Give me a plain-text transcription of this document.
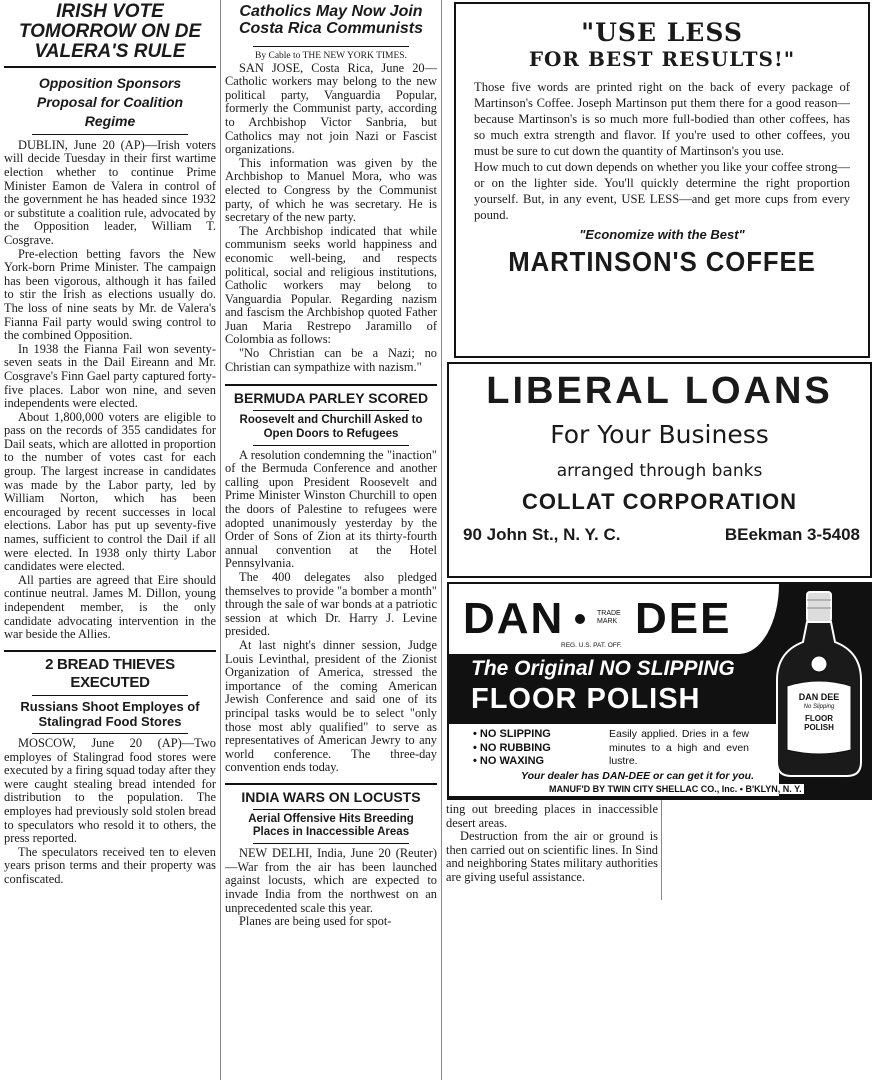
IRISH VOTE TOMORROW ON DE VALERA'S RULE
Opposition Sponsors Proposal for Coalition Regime

DUBLIN, June 20 (AP)—Irish voters will decide Tuesday in their first wartime election whether to continue Prime Minister Eamon de Valera in control of the government he has headed since 1932 or substitute a coalition rule, advocated by the Opposition leader, William T. Cosgrave.

Pre-election betting favors the New York-born Prime Minister. The campaign has been vigorous, although it has failed to stir the Irish as elections usually do. The loss of nine seats by Mr. de Valera's Fianna Fail party would swing control to the combined Opposition.

In 1938 the Fianna Fail won seventy-seven seats in the Dail Eireann and Mr. Cosgrave's Finn Gael party captured forty-five places. Labor won nine, and seven independents were elected.

About 1,800,000 voters are eligible to pass on the records of 355 candidates for Dail seats, which are allotted in proportion to the number of votes cast for each group. The largest increase in candidates was made by the Labor party, led by William Norton, which has been encouraged by recent successes in local elections. Labor has put up seventy-five names, sufficient to control the Dail if all were elected. In 1938 only thirty Labor candidates were elected.

All parties are agreed that Eire should continue neutral. James M. Dillon, young independent member, is the only candidate advocating intervention in the war beside the Allies.

2 BREAD THIEVES EXECUTED
Russians Shoot Employes of Stalingrad Food Stores

MOSCOW, June 20 (AP)—Two employes of Stalingrad food stores were executed by a firing squad today after they were caught stealing bread intended for distribution to the population. The employes had previously sold stolen bread to speculators who resold it to others, the press reported.

The speculators received ten to eleven years prison terms and their property was confiscated.

Catholics May Now Join Costa Rica Communists
By Cable to THE NEW YORK TIMES.

SAN JOSE, Costa Rica, June 20—Catholic workers may belong to the new political party, Vanguardia Popular, formerly the Communist party, according to Archbishop Victor Sanbria, but Catholics may not join Nazi or Fascist organizations.

This information was given by the Archbishop to Manuel Mora, who was elected to Congress by the Communist party, of which he was secretary. He is secretary of the new party.

The Archbishop indicated that while communism seeks world happiness and economic well-being, and respects political, social and religious institutions, Catholic workers may belong to Vanguardia Popular. Regarding nazism and fascism the Archbishop quoted Father Juan Maria Restrepo Jaramillo of Colombia as follows:

"No Christian can be a Nazi; no Christian can sympathize with nazism."

BERMUDA PARLEY SCORED
Roosevelt and Churchill Asked to Open Doors to Refugees

A resolution condemning the "inaction" of the Bermuda Conference and another calling upon President Roosevelt and Prime Minister Winston Churchill to open the doors of Palestine to refugees were adopted unanimously yesterday by the Order of Sons of Zion at its thirty-fourth annual convention at the Hotel Pennsylvania.

The 400 delegates also pledged themselves to provide "a bomber a month" through the sale of war bonds at a patriotic session at which Dr. Harry J. Levine presided.

At last night's dinner session, Judge Louis Levinthal, president of the Zionist Organization of America, stressed the importance of the coming American Jewish Conference and said one of its principal tasks would be to select "only those most ably qualified" to serve as representatives of American Jewry to any world conference. The three-day convention ends today.

INDIA WARS ON LOCUSTS
Aerial Offensive Hits Breeding Places in Inaccessible Areas

NEW DELHI, India, June 20 (Reuter)—War from the air has been launched against locusts, which are expected to invade India from the northwest on an unprecedented scale this year.

Planes are being used for spot-

"USE LESS
FOR BEST RESULTS!"

Those five words are printed right on the back of every package of Martinson's Coffee. Joseph Martinson put them there for a good reason—because Martinson's is so much more full-bodied than other coffees, has so much extra strength and flavor. If you're used to other coffees, you must be sure to cut down the quantity of Martinson's you use.

How much to cut down depends on whether you like your coffee strong—or on the lighter side. You'll quickly determine the right proportion yourself. But, in any event, USE LESS—and get more cups from every pound.

"Economize with the Best"
MARTINSON'S COFFEE
LIBERAL LOANS
For Your Business
arranged through banks
COLLAT CORPORATION
90 John St., N. Y. C.	BEekman 3-5408
DAN	TRADE MARK DEE
REG. U.S. PAT. OFF.
The Original NO SLIPPING
FLOOR POLISH
• NO SLIPPING
• NO RUBBING
• NO WAXING
Easily applied. Dries in a few minutes to a high and even lustre.
Your dealer has DAN-DEE or can get it for you.
MANUF'D BY TWIN CITY SHELLAC CO., Inc. • B'KLYN, N. Y.
DAN DEE
No Slipping
FLOOR POLISH

ting out breeding places in inaccessible desert areas.

Destruction from the air or ground is then carried out on scientific lines. In Sind and neighboring States military authorities are giving useful assistance.
